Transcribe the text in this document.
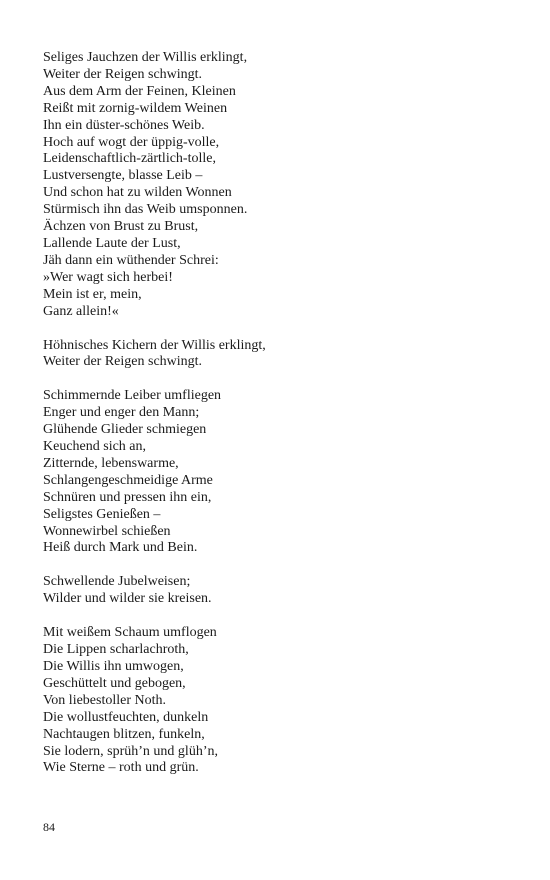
Seliges Jauchzen der Willis erklingt,
Weiter der Reigen schwingt.
Aus dem Arm der Feinen, Kleinen
Reißt mit zornig-wildem Weinen
Ihn ein düster-schönes Weib.
Hoch auf wogt der üppig-volle,
Leidenschaftlich-zärtlich-tolle,
Lustversengte, blasse Leib –
Und schon hat zu wilden Wonnen
Stürmisch ihn das Weib umsponnen.
Ächzen von Brust zu Brust,
Lallende Laute der Lust,
Jäh dann ein wüthender Schrei:
»Wer wagt sich herbei!
Mein ist er, mein,
Ganz allein!«
Höhnisches Kichern der Willis erklingt,
Weiter der Reigen schwingt.
Schimmernde Leiber umfliegen
Enger und enger den Mann;
Glühende Glieder schmiegen
Keuchend sich an,
Zitternde, lebenswarme,
Schlangengeschmeidige Arme
Schnüren und pressen ihn ein,
Seligstes Genießen –
Wonnewirbel schießen
Heiß durch Mark und Bein.
Schwellende Jubelweisen;
Wilder und wilder sie kreisen.
Mit weißem Schaum umflogen
Die Lippen scharlachroth,
Die Willis ihn umwogen,
Geschüttelt und gebogen,
Von liebestoller Noth.
Die wollustfeuchten, dunkeln
Nachtaugen blitzen, funkeln,
Sie lodern, sprüh’n und glüh’n,
Wie Sterne – roth und grün.
84
